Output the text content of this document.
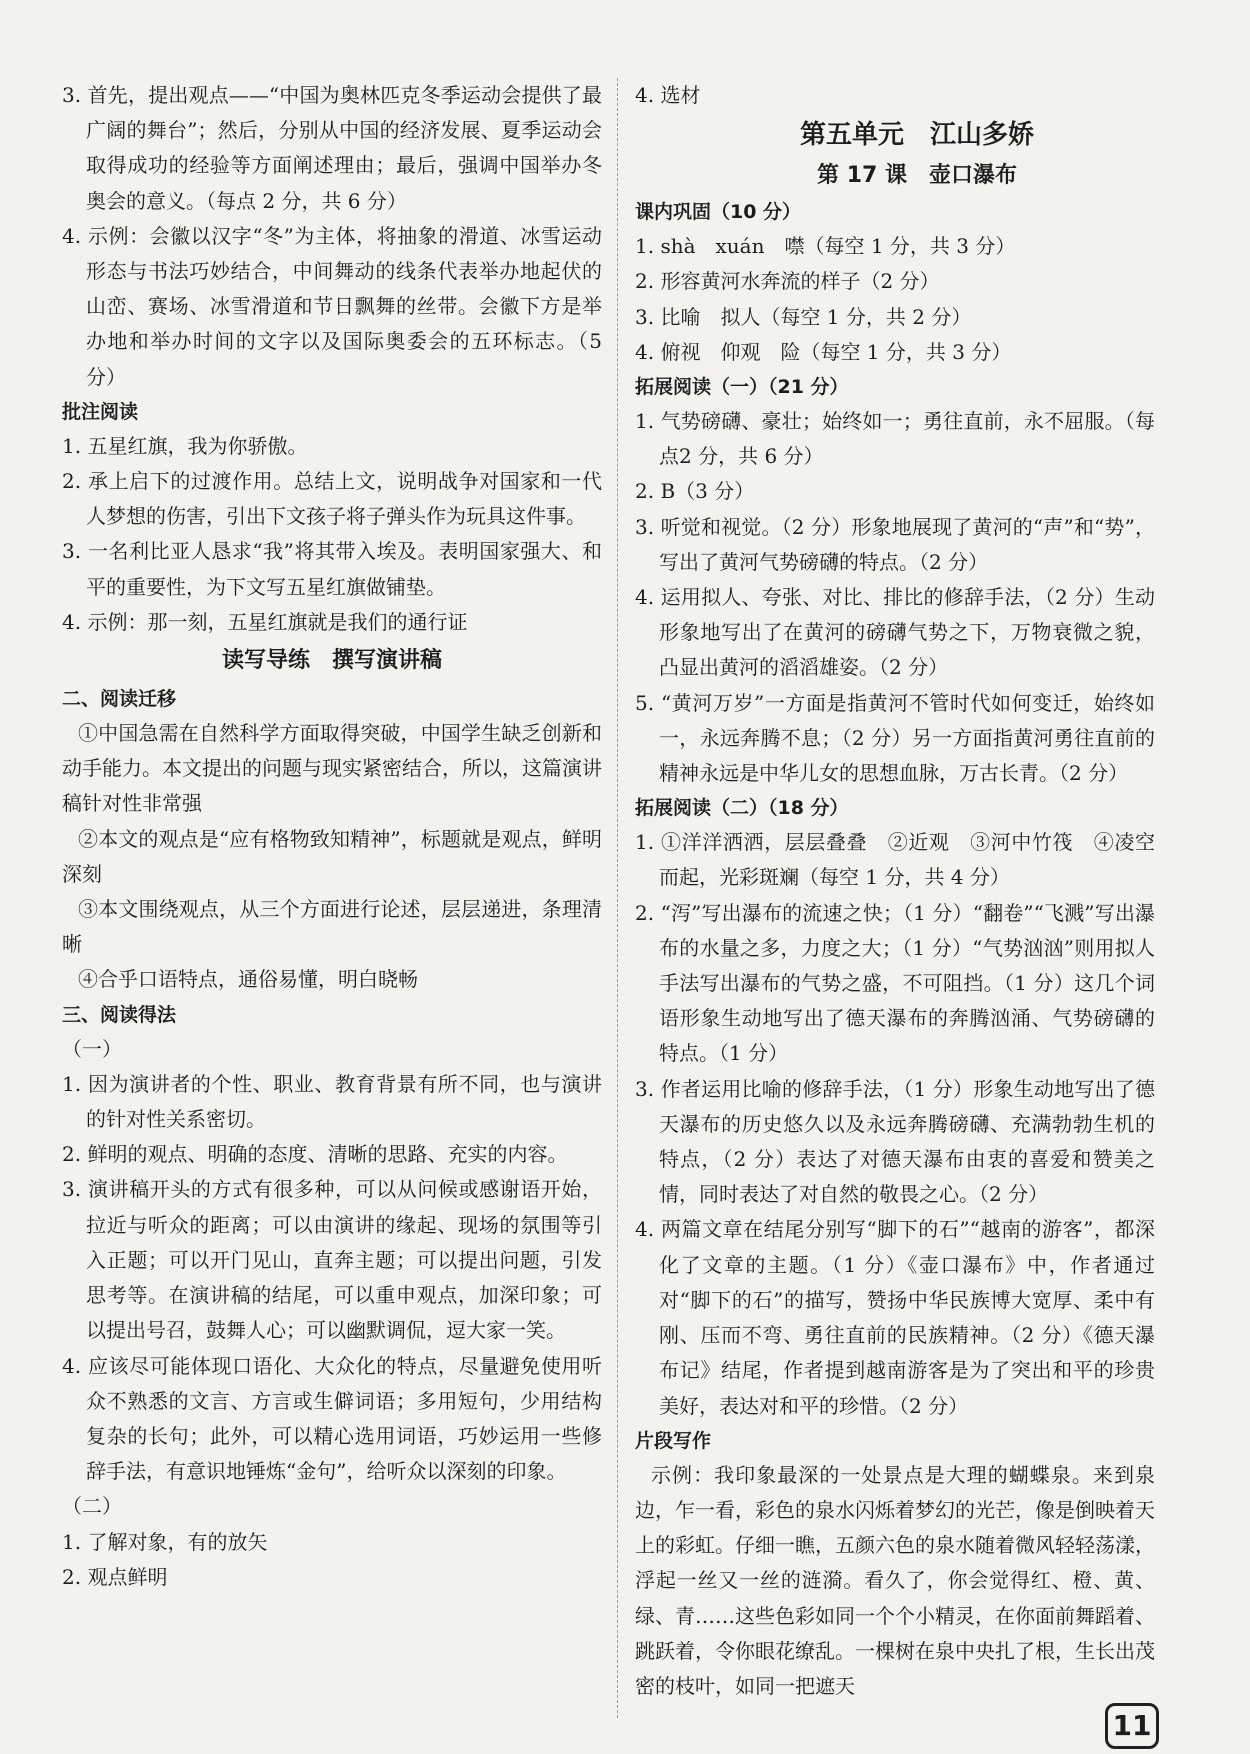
3. 首先，提出观点——“中国为奥林匹克冬季运动会提供了最广阔的舞台”；然后，分别从中国的经济发展、夏季运动会取得成功的经验等方面阐述理由；最后，强调中国举办冬奥会的意义。（每点 2 分，共 6 分）

4. 示例：会徽以汉字“冬”为主体，将抽象的滑道、冰雪运动形态与书法巧妙结合，中间舞动的线条代表举办地起伏的山峦、赛场、冰雪滑道和节日飘舞的丝带。会徽下方是举办地和举办时间的文字以及国际奥委会的五环标志。（5 分）

批注阅读

1. 五星红旗，我为你骄傲。

2. 承上启下的过渡作用。总结上文，说明战争对国家和一代人梦想的伤害，引出下文孩子将子弹头作为玩具这件事。

3. 一名利比亚人恳求“我”将其带入埃及。表明国家强大、和平的重要性，为下文写五星红旗做铺垫。

4. 示例：那一刻，五星红旗就是我们的通行证

读写导练　撰写演讲稿

二、阅读迁移

①中国急需在自然科学方面取得突破，中国学生缺乏创新和动手能力。本文提出的问题与现实紧密结合，所以，这篇演讲稿针对性非常强

②本文的观点是“应有格物致知精神”，标题就是观点，鲜明深刻

③本文围绕观点，从三个方面进行论述，层层递进，条理清晰

④合乎口语特点，通俗易懂，明白晓畅

三、阅读得法

（一）

1. 因为演讲者的个性、职业、教育背景有所不同，也与演讲的针对性关系密切。

2. 鲜明的观点、明确的态度、清晰的思路、充实的内容。

3. 演讲稿开头的方式有很多种，可以从问候或感谢语开始，拉近与听众的距离；可以由演讲的缘起、现场的氛围等引入正题；可以开门见山，直奔主题；可以提出问题，引发思考等。在演讲稿的结尾，可以重申观点，加深印象；可以提出号召，鼓舞人心；可以幽默调侃，逗大家一笑。

4. 应该尽可能体现口语化、大众化的特点，尽量避免使用听众不熟悉的文言、方言或生僻词语；多用短句，少用结构复杂的长句；此外，可以精心选用词语，巧妙运用一些修辞手法，有意识地锤炼“金句”，给听众以深刻的印象。

（二）

1. 了解对象，有的放矢

2. 观点鲜明

4. 选材

第五单元　江山多娇

第 17 课　壶口瀑布

课内巩固（10 分）

1. shà　xuán　噤（每空 1 分，共 3 分）

2. 形容黄河水奔流的样子（2 分）

3. 比喻　拟人（每空 1 分，共 2 分）

4. 俯视　仰观　险（每空 1 分，共 3 分）

拓展阅读（一）（21 分）

1. 气势磅礴、豪壮；始终如一；勇往直前，永不屈服。（每点2 分，共 6 分）

2. B（3 分）

3. 听觉和视觉。（2 分）形象地展现了黄河的“声”和“势”，写出了黄河气势磅礴的特点。（2 分）

4. 运用拟人、夸张、对比、排比的修辞手法，（2 分）生动形象地写出了在黄河的磅礴气势之下，万物衰微之貌，凸显出黄河的滔滔雄姿。（2 分）

5. “黄河万岁”一方面是指黄河不管时代如何变迁，始终如一，永远奔腾不息；（2 分）另一方面指黄河勇往直前的精神永远是中华儿女的思想血脉，万古长青。（2 分）

拓展阅读（二）（18 分）

1. ①洋洋洒洒，层层叠叠　②近观　③河中竹筏　④凌空而起，光彩斑斓（每空 1 分，共 4 分）

2. “泻”写出瀑布的流速之快；（1 分）“翻卷”“飞溅”写出瀑布的水量之多，力度之大；（1 分）“气势汹汹”则用拟人手法写出瀑布的气势之盛，不可阻挡。（1 分）这几个词语形象生动地写出了德天瀑布的奔腾汹涌、气势磅礴的特点。（1 分）

3. 作者运用比喻的修辞手法，（1 分）形象生动地写出了德天瀑布的历史悠久以及永远奔腾磅礴、充满勃勃生机的特点，（2 分）表达了对德天瀑布由衷的喜爱和赞美之情，同时表达了对自然的敬畏之心。（2 分）

4. 两篇文章在结尾分别写“脚下的石”“越南的游客”，都深化了文章的主题。（1 分）《壶口瀑布》中，作者通过对“脚下的石”的描写，赞扬中华民族博大宽厚、柔中有刚、压而不弯、勇往直前的民族精神。（2 分）《德天瀑布记》结尾，作者提到越南游客是为了突出和平的珍贵美好，表达对和平的珍惜。（2 分）

片段写作

示例：我印象最深的一处景点是大理的蝴蝶泉。来到泉边，乍一看，彩色的泉水闪烁着梦幻的光芒，像是倒映着天上的彩虹。仔细一瞧，五颜六色的泉水随着微风轻轻荡漾，浮起一丝又一丝的涟漪。看久了，你会觉得红、橙、黄、绿、青……这些色彩如同一个个小精灵，在你面前舞蹈着、跳跃着，令你眼花缭乱。一棵树在泉中央扎了根，生长出茂密的枝叶，如同一把遮天

11
